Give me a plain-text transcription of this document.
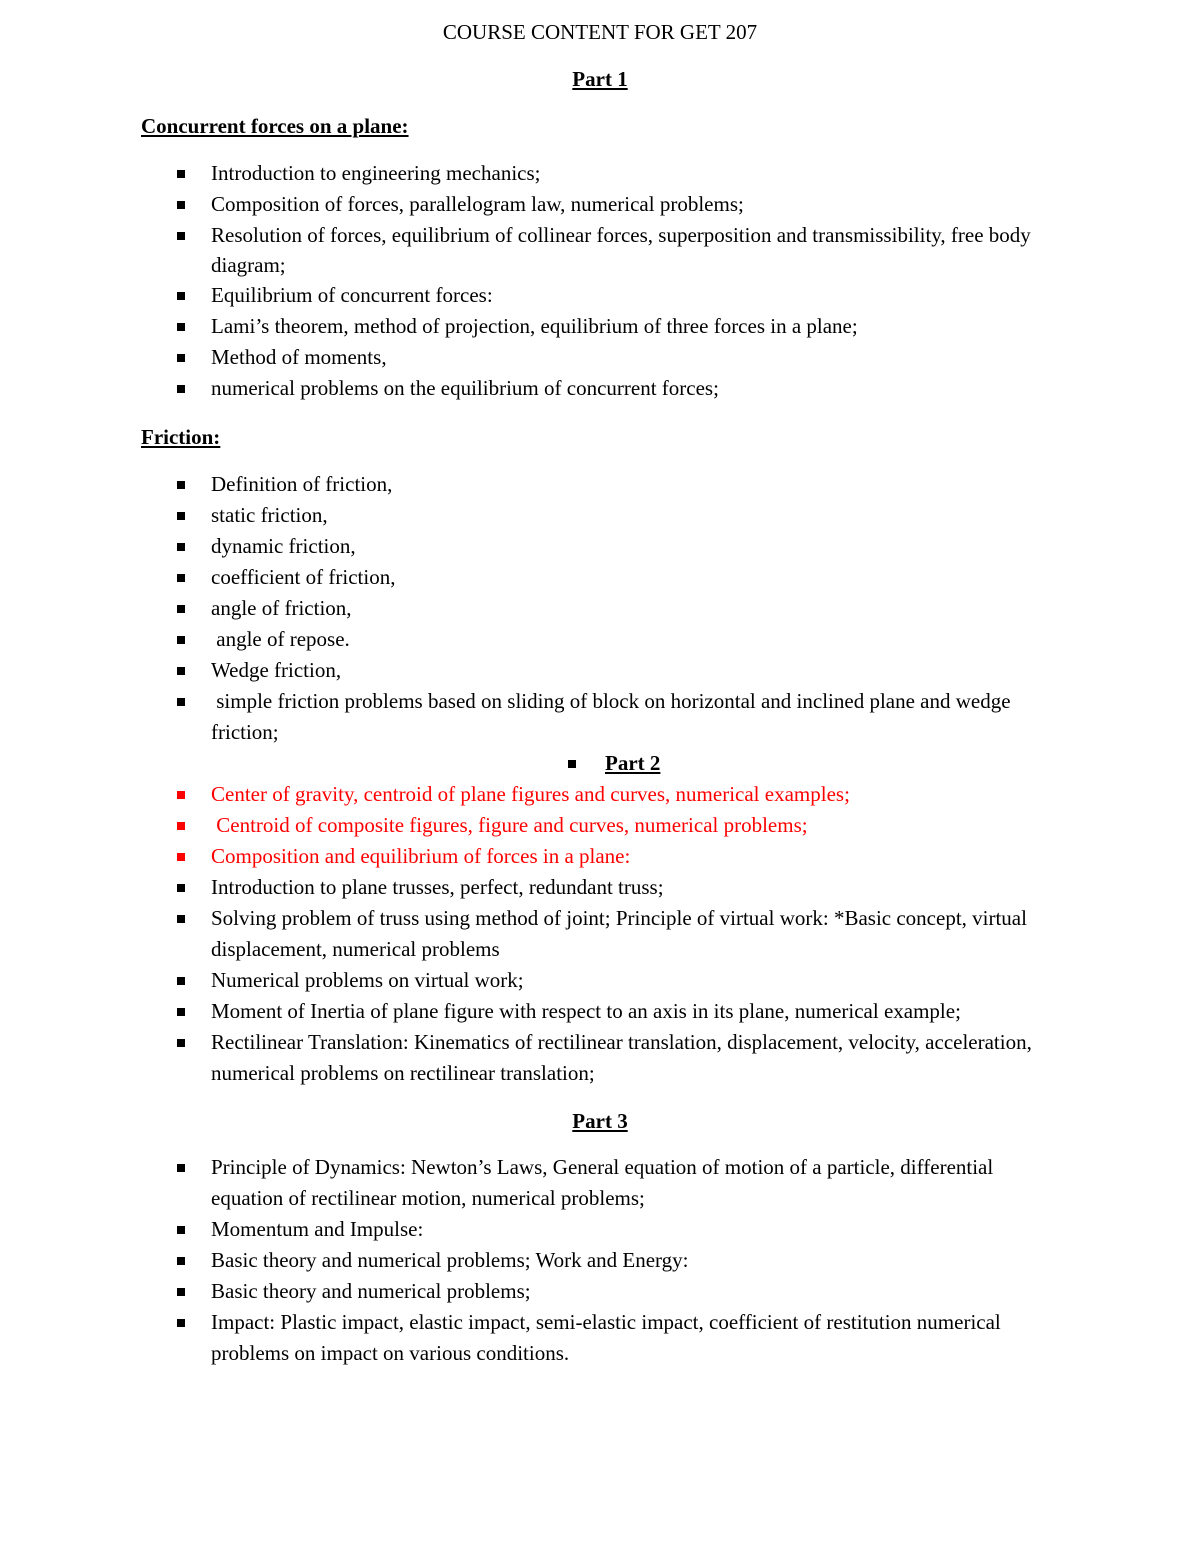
COURSE CONTENT FOR GET 207
Part 1
Concurrent forces on a plane:
Introduction to engineering mechanics;
Composition of forces, parallelogram law, numerical problems;
Resolution of forces, equilibrium of collinear forces, superposition and transmissibility, free body diagram;
Equilibrium of concurrent forces:
Lami’s theorem, method of projection, equilibrium of three forces in a plane;
Method of moments,
numerical problems on the equilibrium of concurrent forces;
Friction:
Definition of friction,
static friction,
dynamic friction,
coefficient of friction,
angle of friction,
angle of repose.
Wedge friction,
simple friction problems based on sliding of block on horizontal and inclined plane and wedge friction;
Part 2
Center of gravity, centroid of plane figures and curves, numerical examples;
Centroid of composite figures, figure and curves, numerical problems;
Composition and equilibrium of forces in a plane:
Introduction to plane trusses, perfect, redundant truss;
Solving problem of truss using method of joint; Principle of virtual work: *Basic concept, virtual displacement, numerical problems
Numerical problems on virtual work;
Moment of Inertia of plane figure with respect to an axis in its plane, numerical example;
Rectilinear Translation: Kinematics of rectilinear translation, displacement, velocity, acceleration, numerical problems on rectilinear translation;
Part 3
Principle of Dynamics: Newton’s Laws, General equation of motion of a particle, differential equation of rectilinear motion, numerical problems;
Momentum and Impulse:
Basic theory and numerical problems; Work and Energy:
Basic theory and numerical problems;
Impact: Plastic impact, elastic impact, semi-elastic impact, coefficient of restitution numerical problems on impact on various conditions.
